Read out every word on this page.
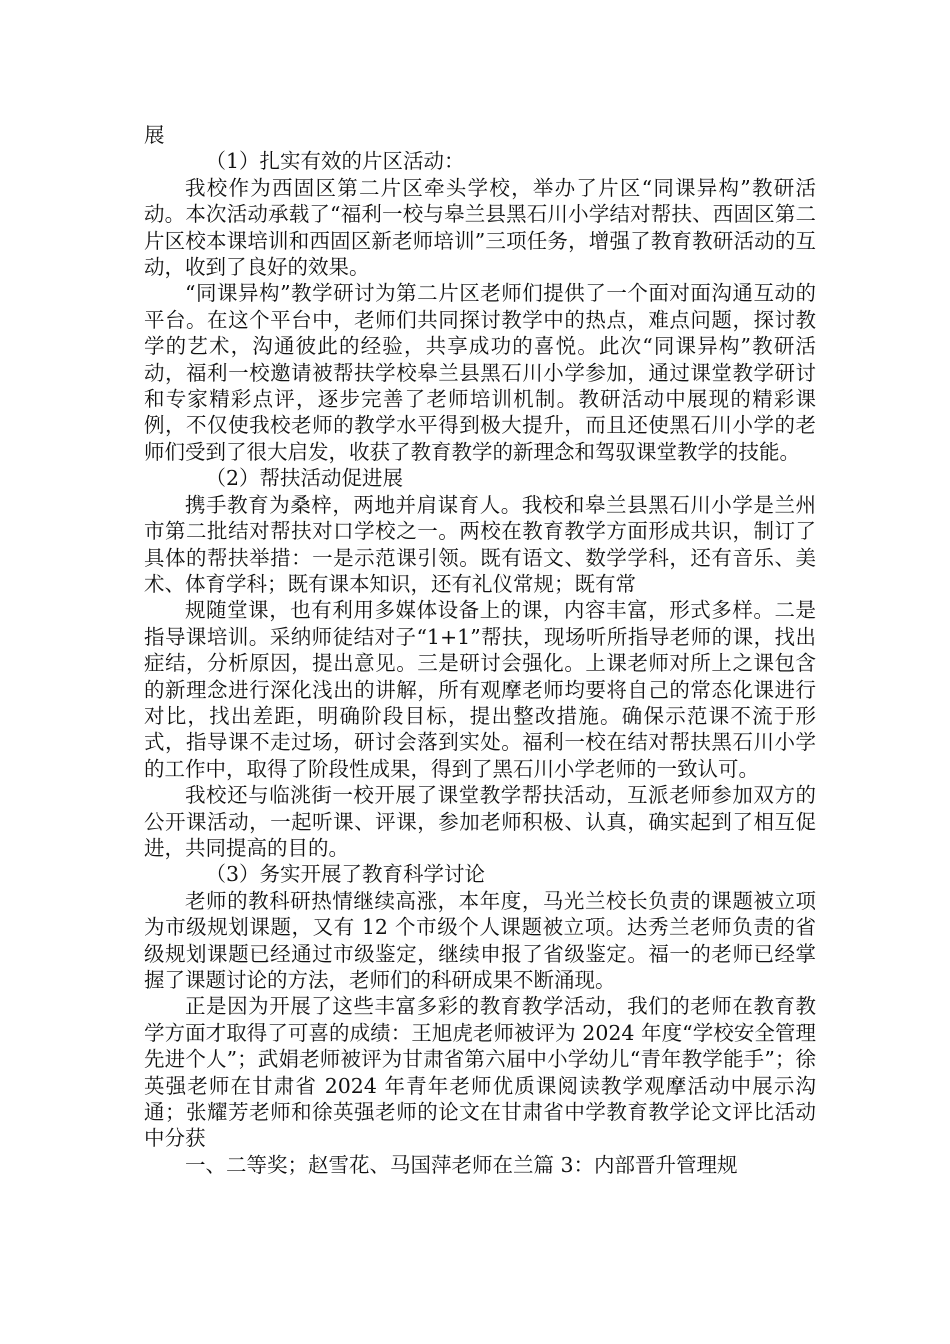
展

（1）扎实有效的片区活动：

我校作为西固区第二片区牵头学校，举办了片区“同课异构”教研活动。本次活动承载了“福利一校与皋兰县黑石川小学结对帮扶、西固区第二片区校本课培训和西固区新老师培训”三项任务，增强了教育教研活动的互动，收到了良好的效果。

“同课异构”教学研讨为第二片区老师们提供了一个面对面沟通互动的平台。在这个平台中，老师们共同探讨教学中的热点，难点问题，探讨教学的艺术，沟通彼此的经验，共享成功的喜悦。此次“同课异构”教研活动，福利一校邀请被帮扶学校皋兰县黑石川小学参加，通过课堂教学研讨和专家精彩点评，逐步完善了老师培训机制。教研活动中展现的精彩课例，不仅使我校老师的教学水平得到极大提升，而且还使黑石川小学的老师们受到了很大启发，收获了教育教学的新理念和驾驭课堂教学的技能。

（2）帮扶活动促进展

携手教育为桑梓，两地并肩谋育人。我校和皋兰县黑石川小学是兰州市第二批结对帮扶对口学校之一。两校在教育教学方面形成共识，制订了具体的帮扶举措：一是示范课引领。既有语文、数学学科，还有音乐、美术、体育学科；既有课本知识，还有礼仪常规；既有常

规随堂课，也有利用多媒体设备上的课，内容丰富，形式多样。二是指导课培训。采纳师徒结对子“1+1”帮扶，现场听所指导老师的课，找出症结，分析原因，提出意见。三是研讨会强化。上课老师对所上之课包含的新理念进行深化浅出的讲解，所有观摩老师均要将自己的常态化课进行对比，找出差距，明确阶段目标，提出整改措施。确保示范课不流于形式，指导课不走过场，研讨会落到实处。福利一校在结对帮扶黑石川小学的工作中，取得了阶段性成果，得到了黑石川小学老师的一致认可。

我校还与临洮街一校开展了课堂教学帮扶活动，互派老师参加双方的公开课活动，一起听课、评课，参加老师积极、认真，确实起到了相互促进，共同提高的目的。

（3）务实开展了教育科学讨论

老师的教科研热情继续高涨，本年度，马光兰校长负责的课题被立项为市级规划课题，又有 12 个市级个人课题被立项。达秀兰老师负责的省级规划课题已经通过市级鉴定，继续申报了省级鉴定。福一的老师已经掌握了课题讨论的方法，老师们的科研成果不断涌现。

正是因为开展了这些丰富多彩的教育教学活动，我们的老师在教育教学方面才取得了可喜的成绩：王旭虎老师被评为 2024 年度“学校安全管理先进个人”；武娟老师被评为甘肃省第六届中小学幼儿“青年教学能手”；徐英强老师在甘肃省 2024 年青年老师优质课阅读教学观摩活动中展示沟通；张耀芳老师和徐英强老师的论文在甘肃省中学教育教学论文评比活动中分获

一、二等奖；赵雪花、马国萍老师在兰篇 3：内部晋升管理规
